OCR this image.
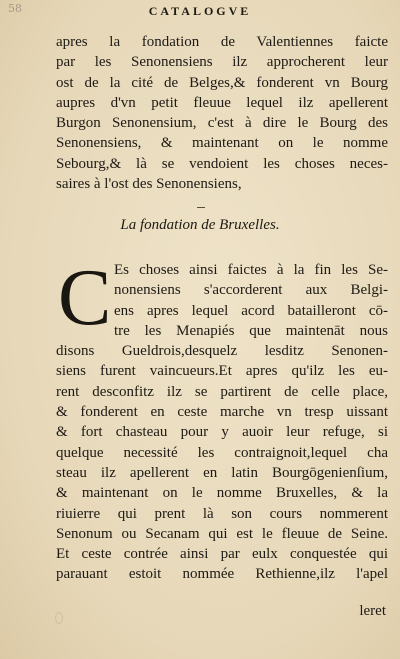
58	CATALOGVE
apres la fondation de Valentiennes faicte
par les Senonensiens ilz approcherent leur
ost de la cité de Belges,& fonderent vn Bourg
aupres d'vn petit fleuue lequel ilz apellerent
Burgon Senonensium, c'est à dire le Bourg des
Senonensiens, & maintenant on le nomme
Sebourg,& là se vendoient les choses neces-
saires à l'ost des Senonensiens,
La fondation de Bruxelles.
C Es choses ainsi faictes à la fin les Se-
nonensiens s'accorderent aux Belgi-
ens apres lequel acord batailleront cō-
tre les Menapiés que maintenāt nous
disons Gueldrois,desquelz lesditz Senonen-
siens furent vaincueurs.Et apres qu'ilz les eu-
rent desconfitz ilz se partirent de celle place,
& fonderent en ceste marche vn tresp uissant
& fort chasteau pour y auoir leur refuge, si
quelque necessité les contraignoit,lequel cha
steau ilz apellerent en latin Bourgōgenienſium,
& maintenant on le nomme Bruxelles, & la
riuierre qui prent là son cours nommerent
Senonum ou Secanam qui est le fleuue de Seine.
Et ceste contrée ainsi par eulx conquestée qui
parauant estoit nommée Rethienne,ilz l'apel
leret
